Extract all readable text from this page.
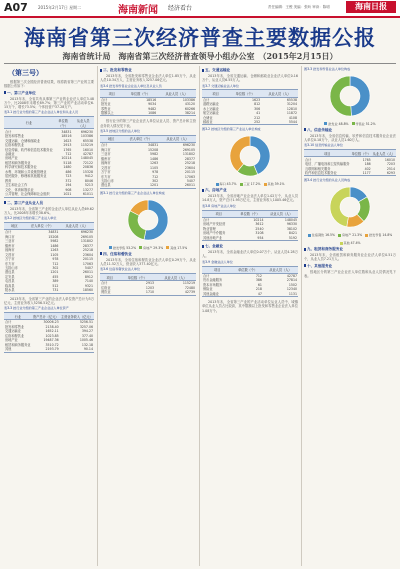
A07	2015年2月17日 星期二	海南新闻 经济看台	责任编辑：王俊 美编：张昕 审读：陈明	海南日报
海南省第三次经济普查主要数据公报
海南省统计局　海南省第三次经济普查领导小组办公室　（2015年2月15日）
（第三号）

根据第三次全国经济普查结果，现将我省第三产业的主要数据公布如下：

一、第三产业单位

2013年末，全省共有从事第三产业的企业法人单位3.48万个，比2008年末增长89.7%；第三产业的产业活动单位6.15万个，增长73.5%；个体经营户37.28万户。

表3-1 按行业分组的第三产业企业法人单位和从业人员
行业	单位数（个）	从业人员（人）
合计	34831	696230
批发和零售业	18516	103386
交通运输、仓储和邮政业	1623	65538
住宿和餐饮业	2913	115219
信息传输、软件和信息技术服务业	1765	16010
金融业	712	42787
房地产业	10214	148045
租赁和商务服务业	5118	72122
科学研究和技术服务业	1480	20836
水利、环境和公共设施管理业	486	15328
居民服务、修理和其他服务业	723	9412
教育	372	8046
卫生和社会工作	194	5213
文化、体育和娱乐业	908	13277
公共管理、社会保障和社会组织	1021	61011
二、第三产业从业人员

2013年末，全省第三产业的企业法人单位从业人员69.62万人，比2008年末增长38.6%。

表3-2 按地区分组的第三产业法人单位
地区	法人单位（个）	从业人员（人）
合计	34831	696230
海口市	15208	269105
三亚市	5982	131802
儋州市	1486	28377
琼海市	1263	25218
文昌市	1105	23604
万宁市	978	20115
东方市	712	17063
五指山市	302	5407
澄迈县	1201	26011
定安县	455	8912
屯昌县	389	7140
临高县	512	9321
陵水县	731	18560

2013年末，全省第三产业的企业法人单位资产总计为3万亿元，主营业务收入5256.51亿元。

表3-3 按行业分组的第三产业企业法人单位资产
行业	资产总计（亿元）	主营业务收入（亿元）
合计	30006.23	5256.51
批发和零售业	2138.40	3257.06
交通运输业	1652.11	394.27
住宿和餐饮业	1023.85	377.40
房地产业	19487.36	1005.46
租赁和商务服务业	3510.72	132.18
其他	2193.79	90.14
三、批发和零售业

2013年末，全省批发和零售业企业法人单位1.85万个，从业人员10.34万人，主营业务收入3257.06亿元。

表3-4 批发和零售业企业法人单位及从业人员
项目	单位数（个）	从业人员（人）
合计	18516	103386
批发业	9034	43120
零售业	9482	60266
限额以上	1086	38214

按行业分的第三产业企业法人单位从业人员、资产总计和主营业务收入情况见下表。

表3-5 按地区分组的法人单位
地区	法人单位（个）	从业人员（人）
合计	34831	696230
海口市	15208	269105
三亚市	5982	131802
儋州市	1486	28377
琼海市	1263	25218
文昌市	1105	23604
万宁市	978	20115
东方市	712	17063
五指山市	302	5407
澄迈县	1201	26011
图3-1 按行业分组的第三产业企业法人单位构成
批发零售 53.2%	房地产 29.3%	其他 17.5%
四、住宿和餐饮业

2013年末，全省住宿和餐饮业企业法人单位0.29万个，从业人员11.52万人，营业收入377.40亿元。

表3-6 住宿和餐饮业法人单位
项目	单位数（个）	从业人员（人）
合计	2913	115219
住宿业	1203	72480
餐饮业	1710	42739
五、交通运输业

2013年末，全省交通运输、仓储和邮政业企业法人单位0.16万个，从业人员6.55万人。

表3-7 交通运输业法人单位
项目	单位数（个）	从业人员（人）
合计	1623	65538
道路运输业	812	31204
水上运输业	306	12810
航空运输业	41	11872
仓储业	212	4108
邮政业	252	5544
图3-2 按地区分组的第三产业法人单位构成
海口 43.7%	三亚 17.2%	其他 39.1%
六、房地产业

2013年末，全省房地产业企业法人单位1.02万个，从业人员14.8万人，资产总计1.95万亿元，主营业务收入1005.46亿元。

表3-8 房地产业法人单位
项目	单位数（个）	从业人员（人）
合计	10214	148045
房地产开发经营	3612	96330
物业管理	2540	38102
房地产中介服务	3108	8421
其他房地产业	954	5192
七、金融业

2013年末，全省金融业法人单位0.07万个，从业人员4.28万人。

表3-9 金融业法人单位
项目	单位数（个）	从业人员（人）
合计	712	42787
货币金融服务	386	27814
资本市场服务	61	1502
保险业	218	12340
其他金融业	47	1131

2013年末，全省第三产业的产业活动单位从业人员中，城镇单位从业人员占比较高，其中限额以上批发和零售业企业法人单位1.08万个。

图3-3 批发和零售业法人单位构成
批发业 48.8%	零售业 51.2%
八、信息传输业

2013年末，全省信息传输、软件和信息技术服务业企业法人单位0.18万个，从业人员1.60万人。

表3-10 信息传输业法人单位
项目	单位数（个）	从业人员（人）
合计	1765	16010
电信、广播电视和卫星传输服务	186	7203
互联网和相关服务	402	2514
软件和信息技术服务业	1177	6293
图3-4 按行业分组的从业人员构成
住宿餐饮 16.5%	房地产 21.3%	批发零售 14.8%
其他 47.4%
九、租赁和商务服务业

2013年末，全省租赁和商务服务业企业法人单位0.51万个，从业人员7.21万人。

十、其他服务业

按地区分的第三产业企业法人单位数和从业人员情况见下表。
